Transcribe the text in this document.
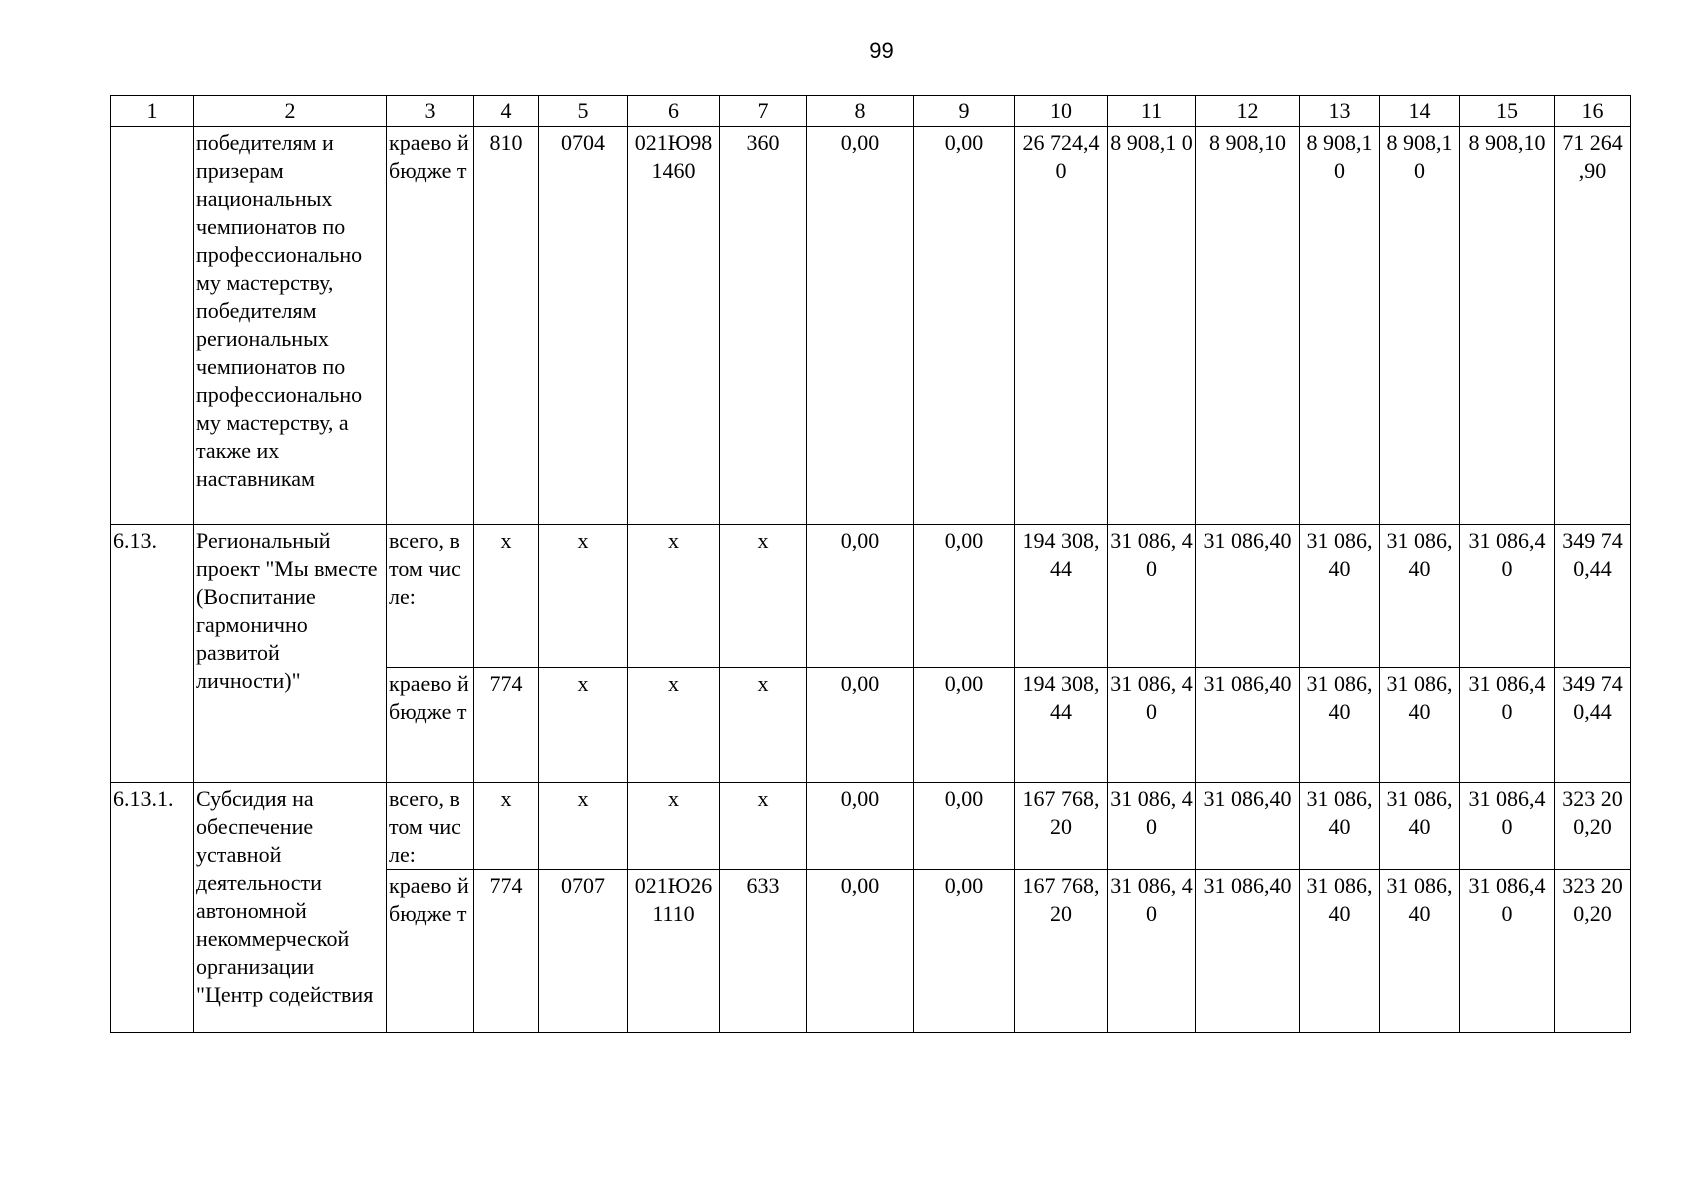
99
1	2	3	4	5	6	7	8	9	10	11	12	13	14	15	16
	победителям и призерам национальных чемпионатов по профессионально му мастерству, победителям региональных чемпионатов по профессионально му мастерству, а также их наставникам	краево й бюдже т	810	0704	021Ю98 1460	360	0,00	0,00	26 724,4 0	8 908,1 0	8 908,10	8 908,1 0	8 908,1 0	8 908,10	71 264 ,90
6.13.	Региональный проект "Мы вместе (Воспитание гармонично развитой личности)"	всего, в том числе:	х	х	х	х	0,00	0,00	194 308, 44	31 086, 40	31 086,40	31 086, 40	31 086, 40	31 086,4 0	349 74 0,44
		краево й бюдже т	774	х	х	х	0,00	0,00	194 308, 44	31 086, 40	31 086,40	31 086, 40	31 086, 40	31 086,4 0	349 74 0,44
6.13.1.	Субсидия на обеспечение уставной деятельности автономной некоммерческой организации "Центр содействия	всего, в том числе:	х	х	х	х	0,00	0,00	167 768, 20	31 086, 40	31 086,40	31 086, 40	31 086, 40	31 086,4 0	323 20 0,20
		краево й бюдже т	774	0707	021Ю26 1110	633	0,00	0,00	167 768, 20	31 086, 40	31 086,40	31 086, 40	31 086, 40	31 086,4 0	323 20 0,20
